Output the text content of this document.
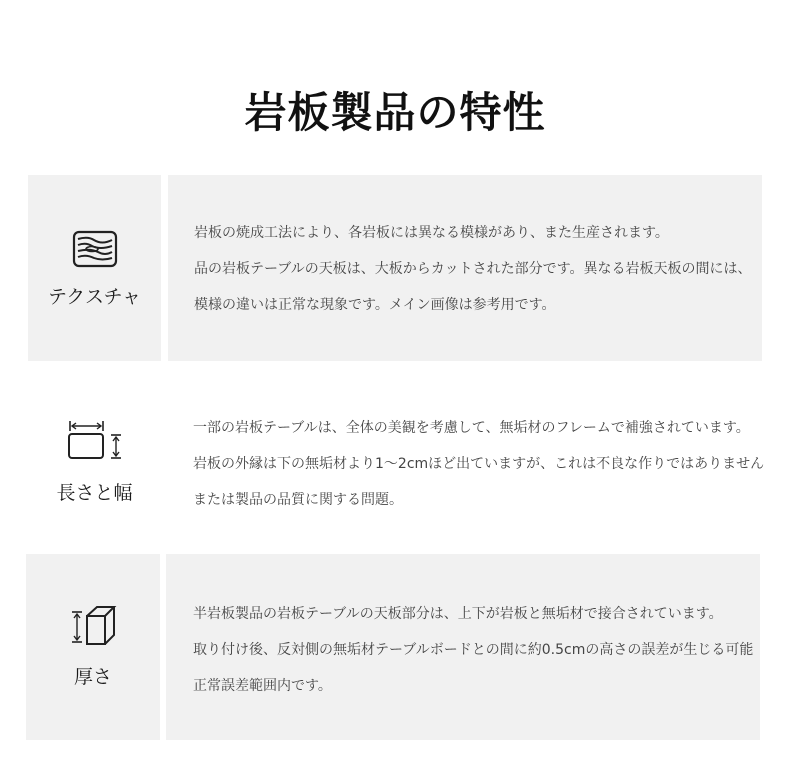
岩板製品の特性
テクスチャ
岩板の焼成工法により、各岩板には異なる模様があり、また生産されます。
品の岩板テーブルの天板は、大板からカットされた部分です。異なる岩板天板の間には、
模様の違いは正常な現象です。メイン画像は参考用です。
長さと幅
一部の岩板テーブルは、全体の美観を考慮して、無垢材のフレームで補強されています。
岩板の外縁は下の無垢材より1〜2cmほど出ていますが、これは不良な作りではありません
または製品の品質に関する問題。
厚さ
半岩板製品の岩板テーブルの天板部分は、上下が岩板と無垢材で接合されています。
取り付け後、反対側の無垢材テーブルボードとの間に約0.5cmの高さの誤差が生じる可能
正常誤差範囲内です。
